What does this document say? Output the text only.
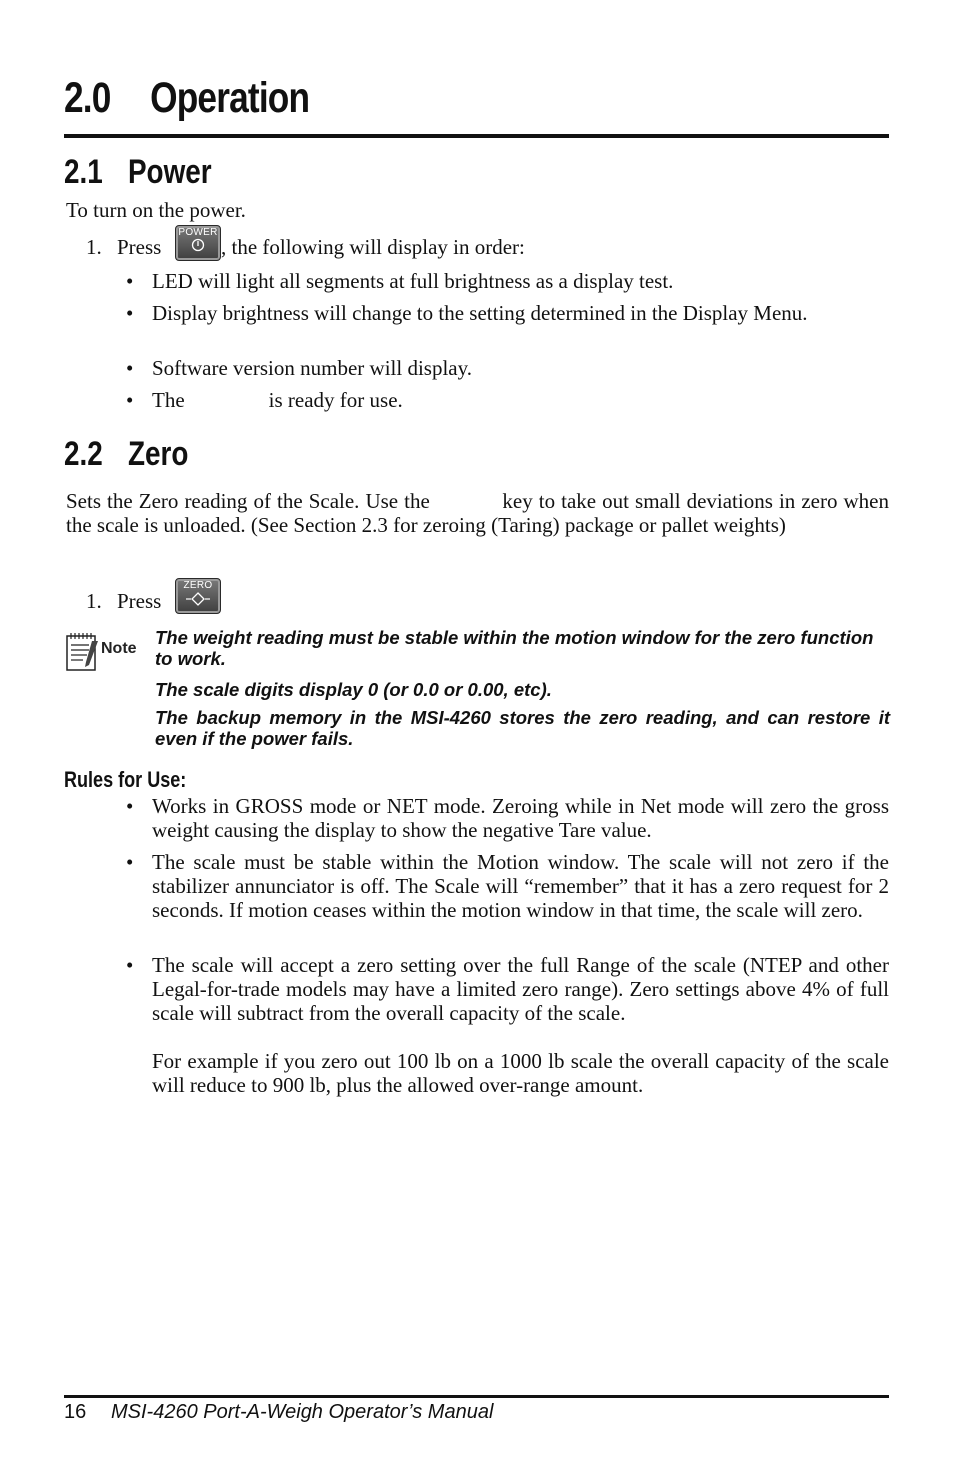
2.0 Operation
2.1 Power
To turn on the power.
1. Press
POWER
, the following will display in order:
• LED will light all segments at full brightness as a display test.
• Display brightness will change to the setting determined in the Display Menu.
• Software version number will display.
• The                is ready for use.
2.2 Zero
Sets the Zero reading of the Scale. Use the            key to take out small deviations in zero when the scale is unloaded. (See Section 2.3 for zeroing (Taring) package or pallet weights)
1. Press
ZERO
Note
The weight reading must be stable within the motion window for the zero function to work.
The scale digits display 0 (or 0.0 or 0.00, etc).
The backup memory in the MSI-4260 stores the zero reading, and can restore it even if the power fails.
Rules for Use:
• Works in GROSS mode or NET mode. Zeroing while in Net mode will zero the gross weight causing the display to show the negative Tare value.
• The scale must be stable within the Motion window. The scale will not zero if the stabilizer annunciator is off. The Scale will “remember” that it has a zero request for 2 seconds. If motion ceases within the motion window in that time, the scale will zero.
• The scale will accept a zero setting over the full Range of the scale (NTEP and other Legal-for-trade models may have a limited zero range). Zero settings above 4% of full scale will subtract from the overall capacity of the scale.
For example if you zero out 100 lb on a 1000 lb scale the overall capacity of the scale will reduce to 900 lb, plus the allowed over-range amount.
16 MSI-4260 Port-A-Weigh Operator’s Manual
